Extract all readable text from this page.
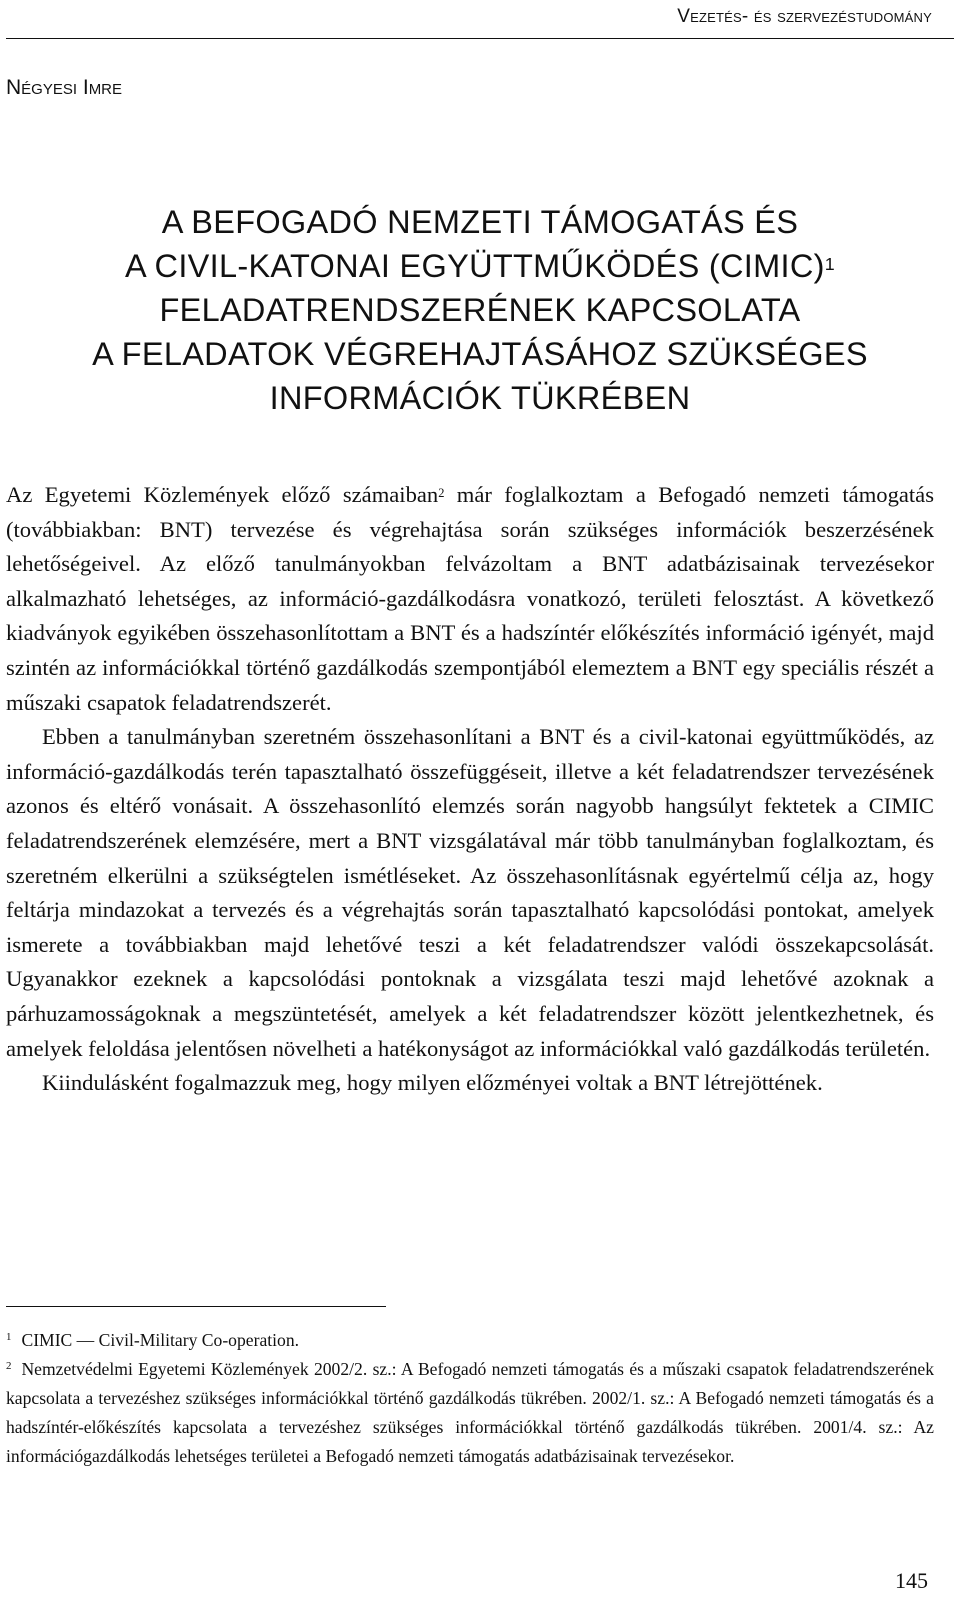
Vezetés- és szervezéstudomány
Négyesi Imre
A BEFOGADÓ NEMZETI TÁMOGATÁS ÉS
A CIVIL-KATONAI EGYÜTTMŰKÖDÉS (CIMIC)$^1$
FELADATRENDSZERÉNEK KAPCSOLATA
A FELADATOK VÉGREHAJTÁSÁHOZ SZÜKSÉGES
INFORMÁCIÓK TÜKRÉBEN

Az Egyetemi Közlemények előző számaiban$^2$ már foglalkoztam a Befogadó nemzeti támogatás (továbbiakban: BNT) tervezése és végrehajtása során szükséges információk beszerzésének lehetőségeivel. Az előző tanulmányokban felvázoltam a BNT adatbázisainak tervezésekor alkalmazható lehetséges, az információ-gazdálkodásra vonatkozó, területi felosztást. A következő kiadványok egyikében összehasonlítottam a BNT és a hadszíntér előkészítés információ igényét, majd szintén az információkkal történő gazdálkodás szempontjából elemeztem a BNT egy speciális részét a műszaki csapatok feladatrendszerét.

Ebben a tanulmányban szeretném összehasonlítani a BNT és a civil-katonai együttműködés, az információ-gazdálkodás terén tapasztalható összefüggéseit, illetve a két feladatrendszer tervezésének azonos és eltérő vonásait. A összehasonlító elemzés során nagyobb hangsúlyt fektetek a CIMIC feladatrendszerének elemzésére, mert a BNT vizsgálatával már több tanulmányban foglalkoztam, és szeretném elkerülni a szükségtelen ismétléseket. Az összehasonlításnak egyértelmű célja az, hogy feltárja mindazokat a tervezés és a végrehajtás során tapasztalható kapcsolódási pontokat, amelyek ismerete a továbbiakban majd lehetővé teszi a két feladatrendszer valódi összekapcsolását. Ugyanakkor ezeknek a kapcsolódási pontoknak a vizsgálata teszi majd lehetővé azoknak a párhuzamosságoknak a megszüntetését, amelyek a két feladatrendszer között jelentkezhetnek, és amelyek feloldása jelentősen növelheti a hatékonyságot az információkkal való gazdálkodás területén.

Kiindulásként fogalmazzuk meg, hogy milyen előzményei voltak a BNT létrejöttének.

$^1$ CIMIC — Civil-Military Co-operation.

$^2$ Nemzetvédelmi Egyetemi Közlemények 2002/2. sz.: A Befogadó nemzeti támogatás és a műszaki csapatok feladatrendszerének kapcsolata a tervezéshez szükséges információkkal történő gazdálkodás tükrében. 2002/1. sz.: A Befogadó nemzeti támogatás és a hadszíntér-előkészítés kapcsolata a tervezéshez szükséges információkkal történő gazdálkodás tükrében. 2001/4. sz.: Az információgazdálkodás lehetséges területei a Befogadó nemzeti támogatás adatbázisainak tervezésekor.

145
